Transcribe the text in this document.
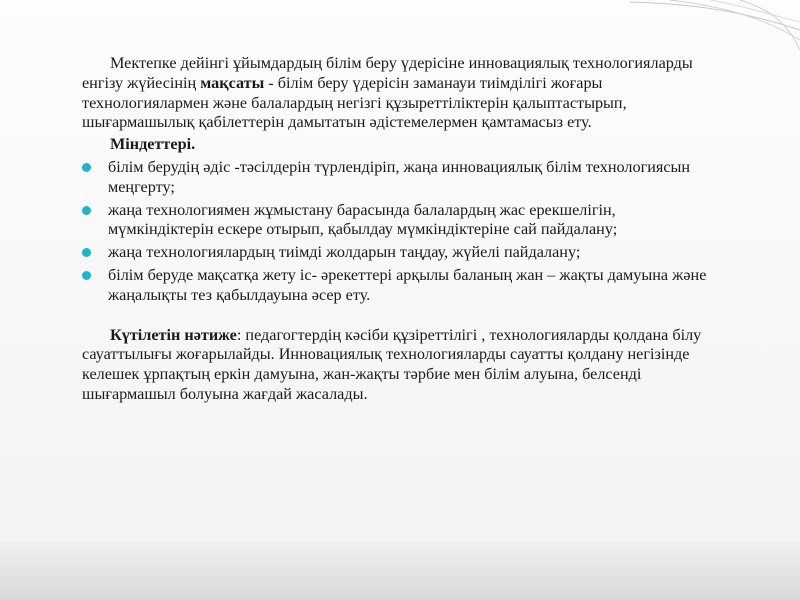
Мектепке дейінгі ұйымдардың білім беру үдерісіне инновациялық технологияларды енгізу жүйесінің мақсаты - білім беру үдерісін заманауи тиімділігі жоғары технологиялармен және балалардың негізгі құзыреттіліктерін қалыптастырып, шығармашылық қабілеттерін дамытатын әдістемелермен қамтамасыз ету.

Міндеттері.

білім берудің әдіс -тәсілдерін түрлендіріп, жаңа инновациялық білім технологиясын меңгерту;
жаңа технологиямен жұмыстану барасында балалардың жас ерекшелігін, мүмкіндіктерін ескере отырып, қабылдау мүмкіндіктеріне сай пайдалану;
жаңа технологиялардың тиімді жолдарын таңдау, жүйелі пайдалану;
білім беруде мақсатқа жету іс- әрекеттері арқылы баланың жан – жақты дамуына және жаңалықты тез қабылдауына әсер ету.

Күтілетін нәтиже: педагогтердің кәсіби құзіреттілігі , технологияларды қолдана білу сауаттылығы жоғарылайды. Инновациялық технологияларды сауатты қолдану негізінде келешек ұрпақтың еркін дамуына, жан-жақты тәрбие мен білім алуына, белсенді шығармашыл болуына жағдай жасалады.
